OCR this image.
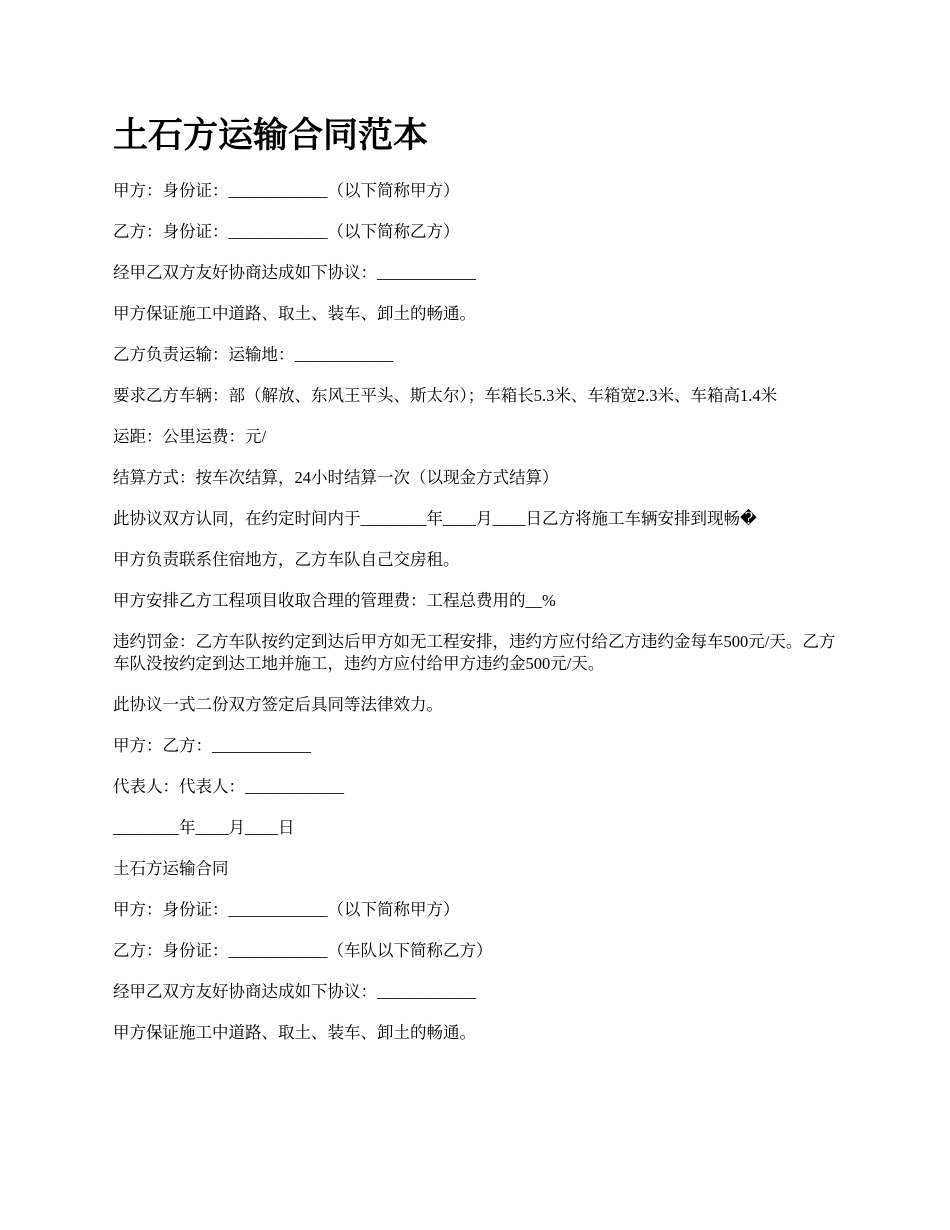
土石方运输合同范本

甲方：身份证：____________（以下简称甲方）

乙方：身份证：____________（以下简称乙方）

经甲乙双方友好协商达成如下协议：____________

甲方保证施工中道路、取土、装车、卸土的畅通。

乙方负责运输：运输地：____________

要求乙方车辆：部（解放、东风王平头、斯太尔）；车箱长5.3米、车箱宽2.3米、车箱高1.4米

运距：公里运费：元/

结算方式：按车次结算，24小时结算一次（以现金方式结算）

此协议双方认同，在约定时间内于________年____月____日乙方将施工车辆安排到现畅�

甲方负责联系住宿地方，乙方车队自己交房租。

甲方安排乙方工程项目收取合理的管理费：工程总费用的__%

违约罚金：乙方车队按约定到达后甲方如无工程安排，违约方应付给乙方违约金每车500元/天。乙方车队没按约定到达工地并施工，违约方应付给甲方违约金500元/天。

此协议一式二份双方签定后具同等法律效力。

甲方：乙方：____________

代表人：代表人：____________

________年____月____日

土石方运输合同

甲方：身份证：____________（以下简称甲方）

乙方：身份证：____________（车队以下简称乙方）

经甲乙双方友好协商达成如下协议：____________

甲方保证施工中道路、取土、装车、卸土的畅通。
